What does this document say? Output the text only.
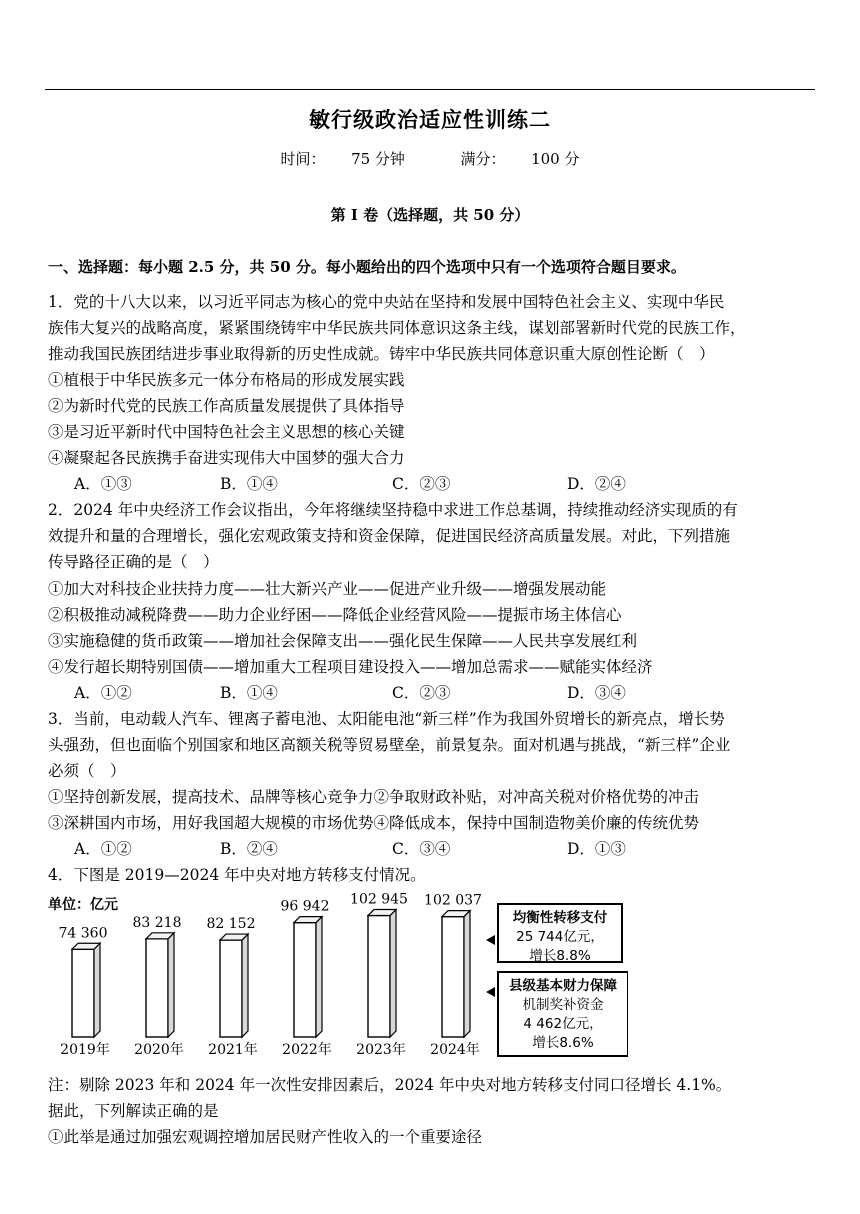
敏行级政治适应性训练二
时间： 75 分钟	满分： 100 分
第 Ⅰ 卷（选择题，共 50 分）
一、选择题：每小题 2.5 分，共 50 分。每小题给出的四个选项中只有一个选项符合题目要求。
1．党的十八大以来，以习近平同志为核心的党中央站在坚持和发展中国特色社会主义、实现中华民
族伟大复兴的战略高度，紧紧围绕铸牢中华民族共同体意识这条主线，谋划部署新时代党的民族工作，
推动我国民族团结进步事业取得新的历史性成就。铸牢中华民族共同体意识重大原创性论断（　）
①植根于中华民族多元一体分布格局的形成发展实践
②为新时代党的民族工作高质量发展提供了具体指导
③是习近平新时代中国特色社会主义思想的核心关键
④凝聚起各民族携手奋进实现伟大中国梦的强大合力
A．①③	B．①④	C．②③	D．②④
2．2024 年中央经济工作会议指出，今年将继续坚持稳中求进工作总基调，持续推动经济实现质的有
效提升和量的合理增长，强化宏观政策支持和资金保障，促进国民经济高质量发展。对此，下列措施
传导路径正确的是（　）
①加大对科技企业扶持力度——壮大新兴产业——促进产业升级——增强发展动能
②积极推动减税降费——助力企业纾困——降低企业经营风险——提振市场主体信心
③实施稳健的货币政策——增加社会保障支出——强化民生保障——人民共享发展红利
④发行超长期特别国债——增加重大工程项目建设投入——增加总需求——赋能实体经济
A．①②	B．①④	C．②③	D．③④
3．当前，电动载人汽车、锂离子蓄电池、太阳能电池“新三样”作为我国外贸增长的新亮点，增长势
头强劲，但也面临个别国家和地区高额关税等贸易壁垒，前景复杂。面对机遇与挑战，“新三样”企业
必须（　）
①坚持创新发展，提高技术、品牌等核心竞争力②争取财政补贴，对冲高关税对价格优势的冲击
③深耕国内市场，用好我国超大规模的市场优势④降低成本，保持中国制造物美价廉的传统优势
A．①②	B．②④	C．③④	D．①③
4．下图是 2019—2024 年中央对地方转移支付情况。
单位：亿元
74 360
2019年
83 218
2020年
82 152
2021年
96 942
2022年
102 945
2023年
102 037
2024年
均衡性转移支付
25 744亿元，
增长8.8%
县级基本财力保障
机制奖补资金
4 462亿元，
增长8.6%
注：剔除 2023 年和 2024 年一次性安排因素后，2024 年中央对地方转移支付同口径增长 4.1%。
据此，下列解读正确的是
①此举是通过加强宏观调控增加居民财产性收入的一个重要途径
